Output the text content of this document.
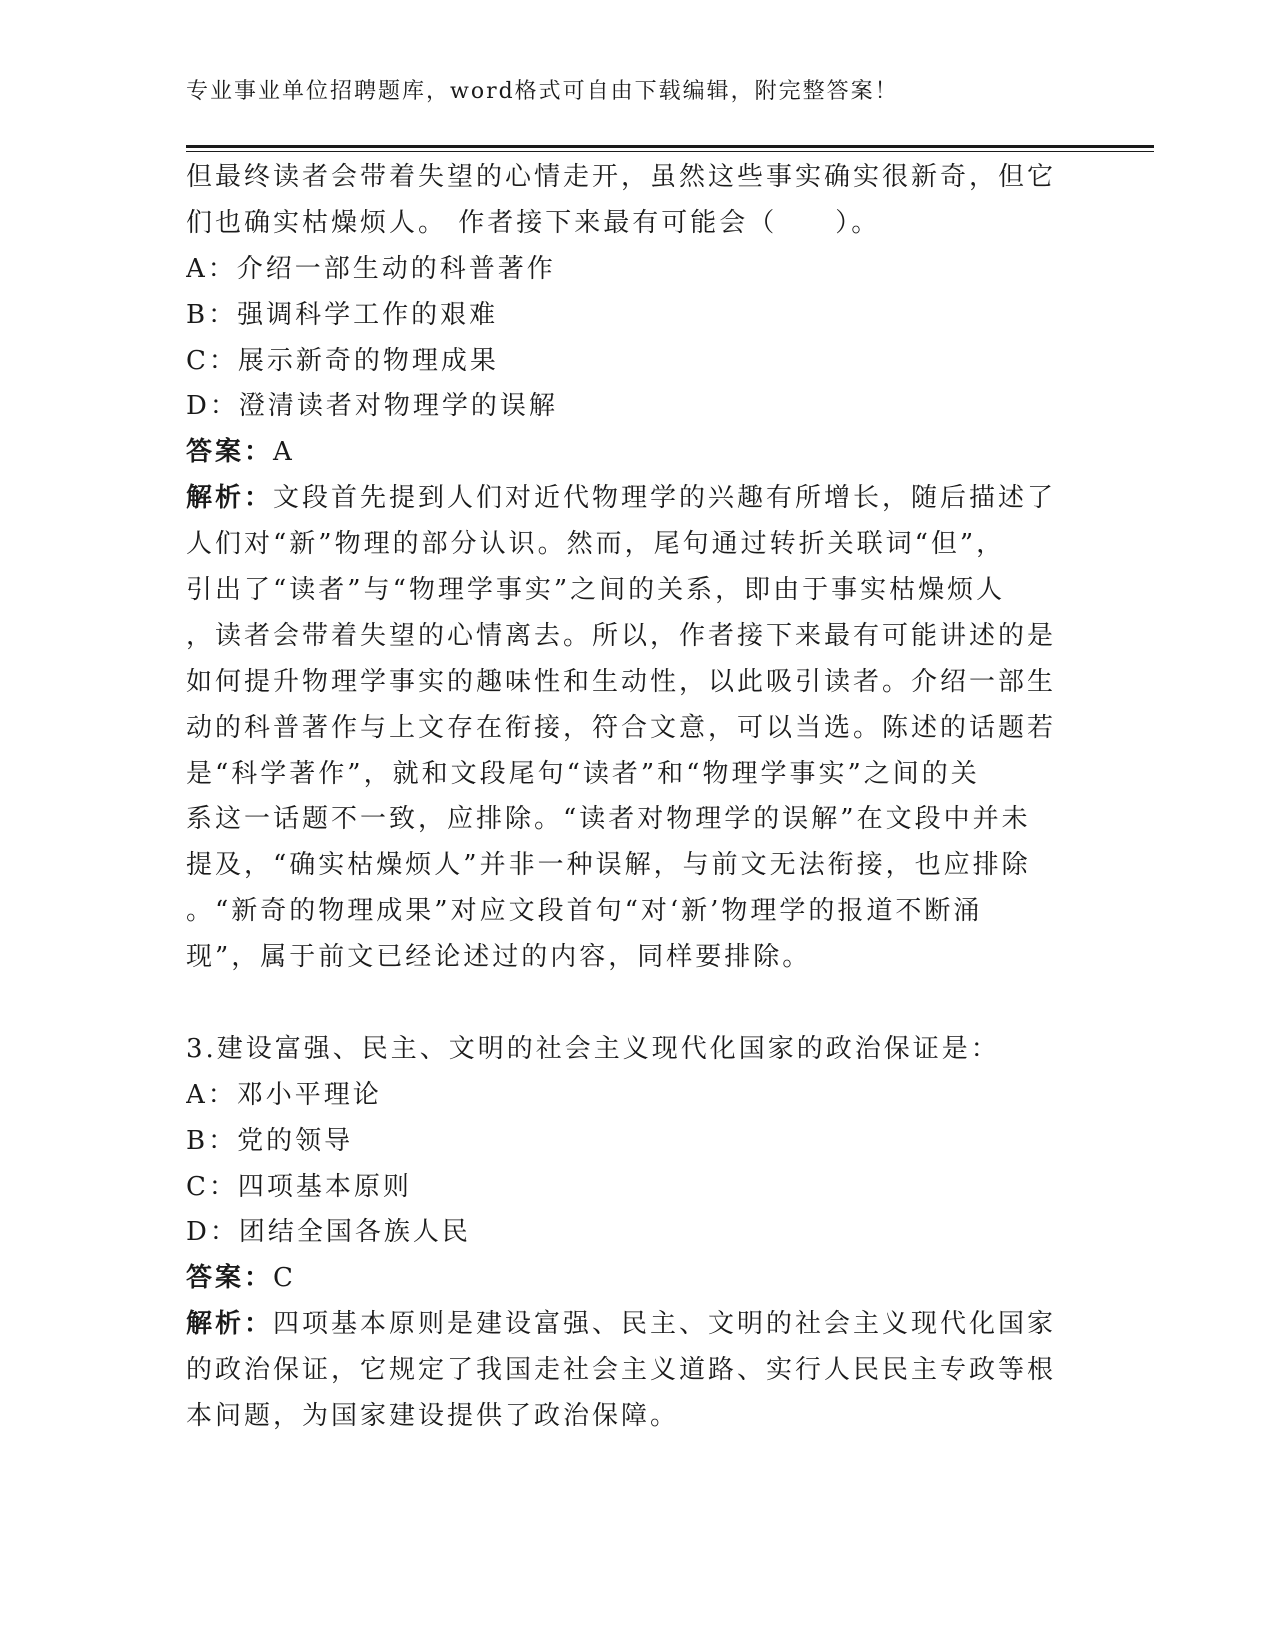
专业事业单位招聘题库，word格式可自由下载编辑，附完整答案！
但最终读者会带着失望的心情走开，虽然这些事实确实很新奇，但它
们也确实枯燥烦人。 作者接下来最有可能会（　　）。
A：介绍一部生动的科普著作
B：强调科学工作的艰难
C：展示新奇的物理成果
D：澄清读者对物理学的误解
答案：A
解析：文段首先提到人们对近代物理学的兴趣有所增长，随后描述了
人们对“新”物理的部分认识。然而，尾句通过转折关联词“但”，
引出了“读者”与“物理学事实”之间的关系，即由于事实枯燥烦人
，读者会带着失望的心情离去。所以，作者接下来最有可能讲述的是
如何提升物理学事实的趣味性和生动性，以此吸引读者。介绍一部生
动的科普著作与上文存在衔接，符合文意，可以当选。陈述的话题若
是“科学著作”，就和文段尾句“读者”和“物理学事实”之间的关
系这一话题不一致，应排除。“读者对物理学的误解”在文段中并未
提及，“确实枯燥烦人”并非一种误解，与前文无法衔接，也应排除
。“新奇的物理成果”对应文段首句“对‘新’物理学的报道不断涌
现”，属于前文已经论述过的内容，同样要排除。
3.建设富强、民主、文明的社会主义现代化国家的政治保证是：
A：邓小平理论
B：党的领导
C：四项基本原则
D：团结全国各族人民
答案：C
解析：四项基本原则是建设富强、民主、文明的社会主义现代化国家
的政治保证，它规定了我国走社会主义道路、实行人民民主专政等根
本问题，为国家建设提供了政治保障。
